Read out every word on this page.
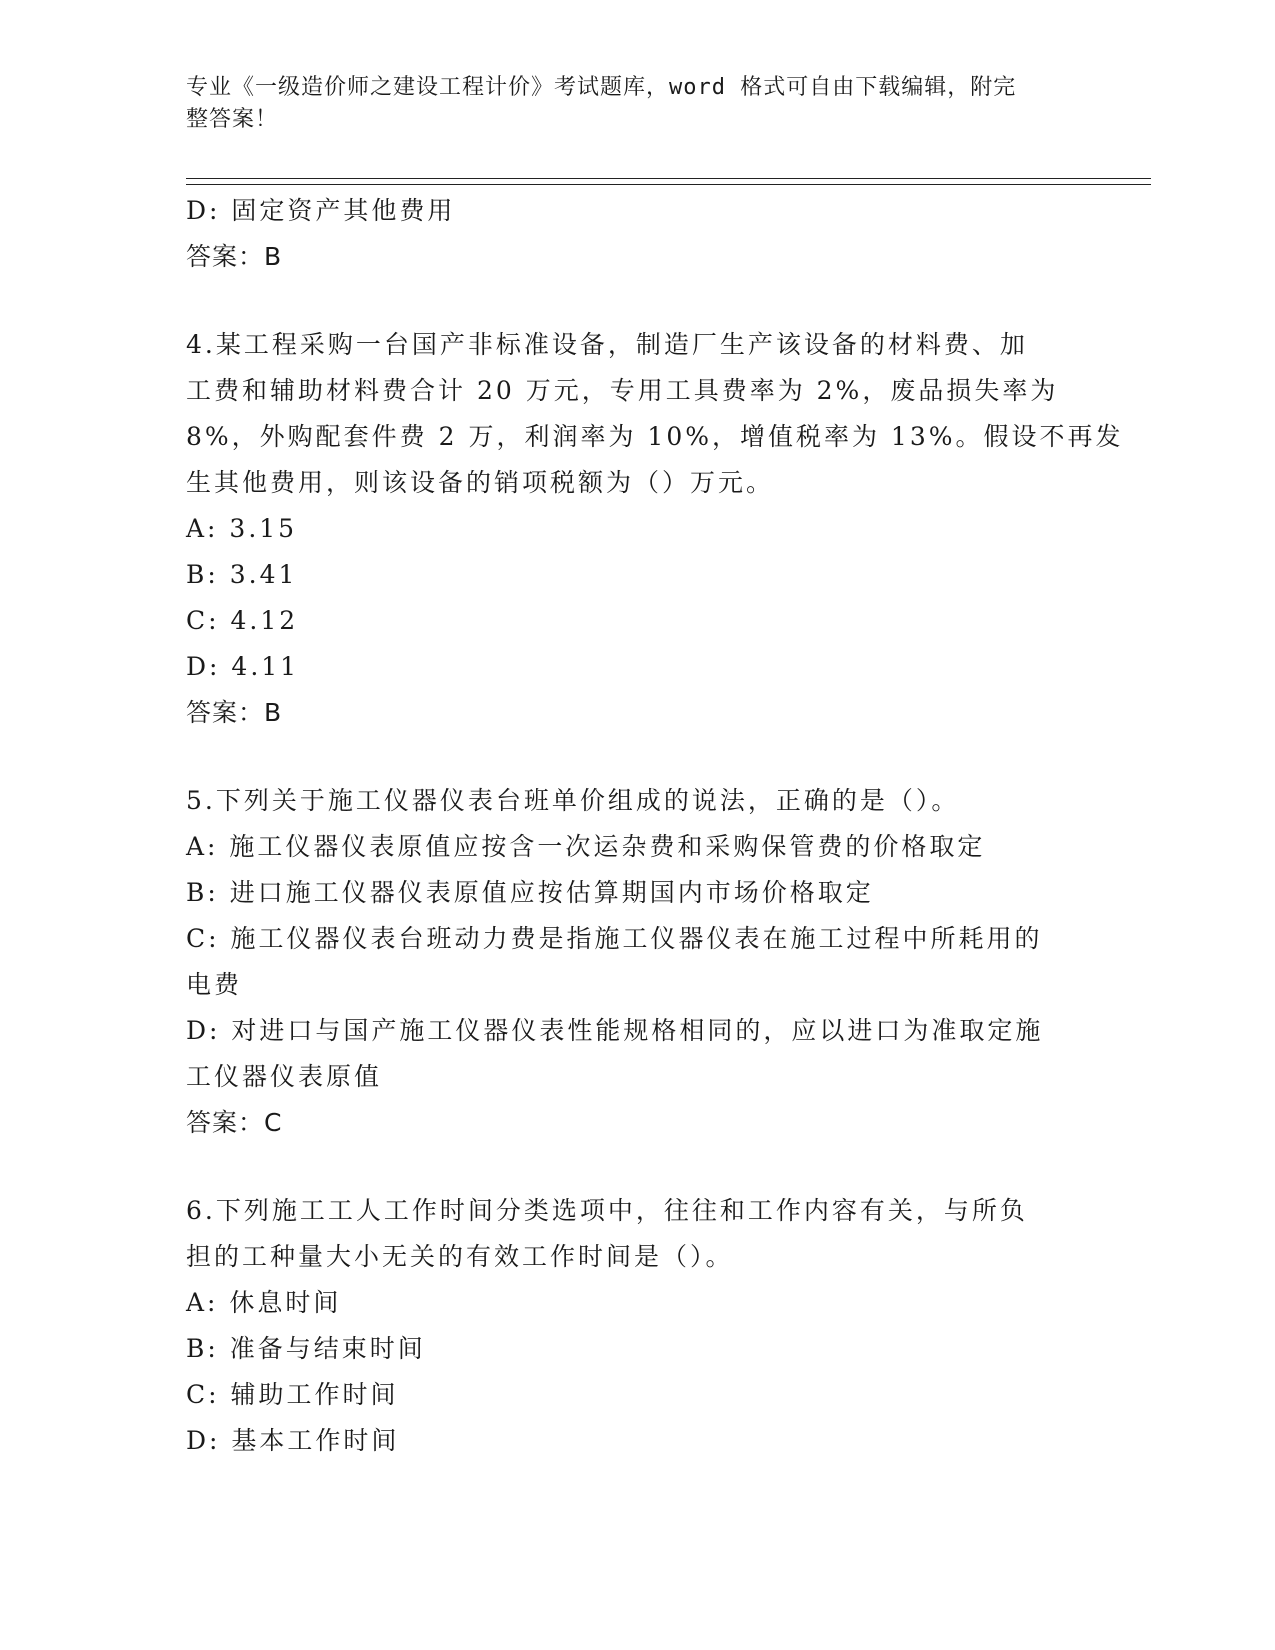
专业《一级造价师之建设工程计价》考试题库，word 格式可自由下载编辑，附完
整答案！
D: 固定资产其他费用
答案：B
4.某工程采购一台国产非标准设备，制造厂生产该设备的材料费、加
工费和辅助材料费合计 20 万元，专用工具费率为 2%，废品损失率为
8%，外购配套件费 2 万，利润率为 10%，增值税率为 13%。假设不再发
生其他费用，则该设备的销项税额为（）万元。
A: 3.15
B: 3.41
C: 4.12
D: 4.11
答案：B
5.下列关于施工仪器仪表台班单价组成的说法，正确的是（）。
A: 施工仪器仪表原值应按含一次运杂费和采购保管费的价格取定
B: 进口施工仪器仪表原值应按估算期国内市场价格取定
C: 施工仪器仪表台班动力费是指施工仪器仪表在施工过程中所耗用的
电费
D: 对进口与国产施工仪器仪表性能规格相同的，应以进口为准取定施
工仪器仪表原值
答案：C
6.下列施工工人工作时间分类选项中，往往和工作内容有关，与所负
担的工种量大小无关的有效工作时间是（）。
A: 休息时间
B: 准备与结束时间
C: 辅助工作时间
D: 基本工作时间
